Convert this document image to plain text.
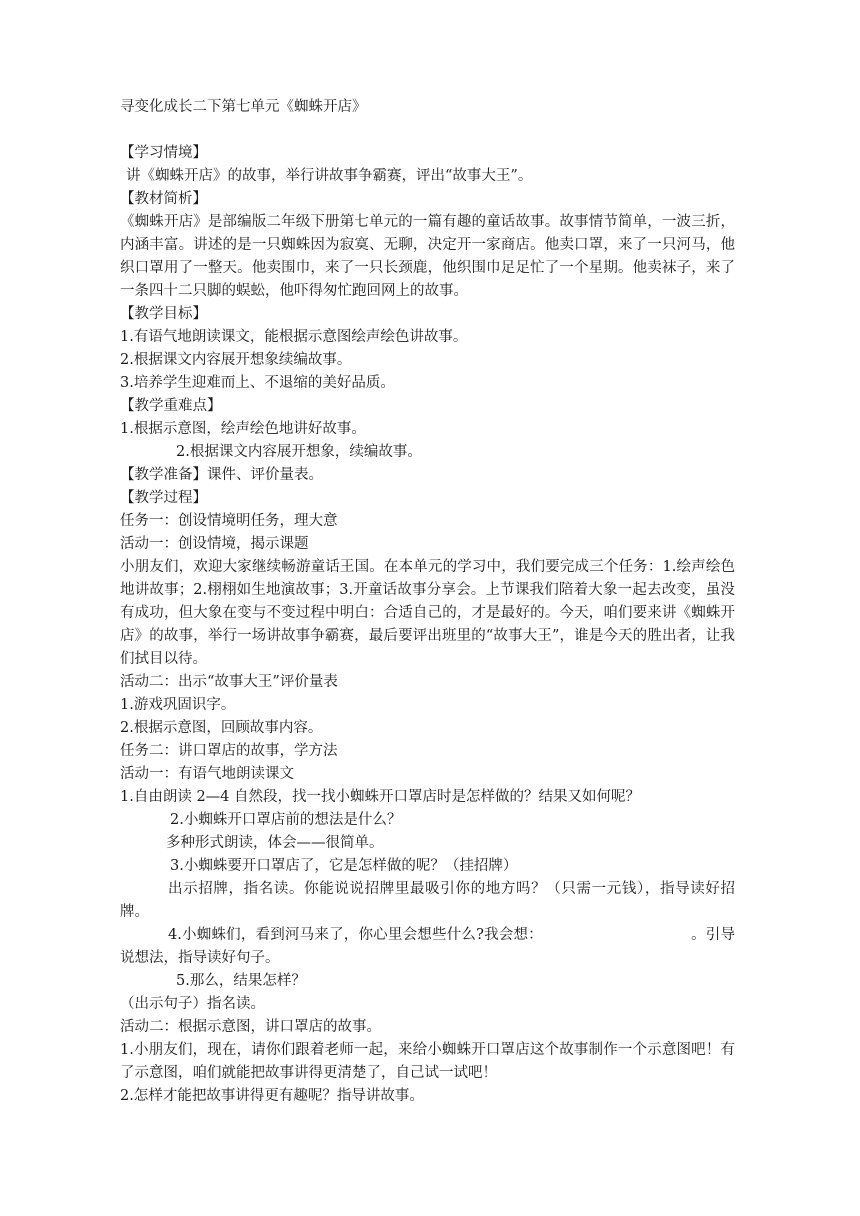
寻变化成长二下第七单元《蜘蛛开店》
【学习情境】
讲《蜘蛛开店》的故事，举行讲故事争霸赛，评出“故事大王”。
【教材简析】
《蜘蛛开店》是部编版二年级下册第七单元的一篇有趣的童话故事。故事情节简单，一波三折，内涵丰富。讲述的是一只蜘蛛因为寂寞、无聊，决定开一家商店。他卖口罩，来了一只河马，他织口罩用了一整天。他卖围巾，来了一只长颈鹿，他织围巾足足忙了一个星期。他卖袜子，来了一条四十二只脚的蜈蚣，他吓得匆忙跑回网上的故事。
【教学目标】
1.有语气地朗读课文，能根据示意图绘声绘色讲故事。
2.根据课文内容展开想象续编故事。
3.培养学生迎难而上、不退缩的美好品质。
【教学重难点】
1.根据示意图，绘声绘色地讲好故事。
2.根据课文内容展开想象，续编故事。
【教学准备】课件、评价量表。
【教学过程】
任务一：创设情境明任务，理大意
活动一：创设情境，揭示课题
小朋友们，欢迎大家继续畅游童话王国。在本单元的学习中，我们要完成三个任务：1.绘声绘色地讲故事；2.栩栩如生地演故事；3.开童话故事分享会。上节课我们陪着大象一起去改变，虽没有成功，但大象在变与不变过程中明白：合适自己的，才是最好的。今天，咱们要来讲《蜘蛛开店》的故事，举行一场讲故事争霸赛，最后要评出班里的“故事大王”，谁是今天的胜出者，让我们拭目以待。
活动二：出示“故事大王”评价量表
1.游戏巩固识字。
2.根据示意图，回顾故事内容。
任务二：讲口罩店的故事，学方法
活动一：有语气地朗读课文
1.自由朗读 2—4 自然段，找一找小蜘蛛开口罩店时是怎样做的？结果又如何呢？
2.小蜘蛛开口罩店前的想法是什么？
多种形式朗读，体会——很简单。
3.小蜘蛛要开口罩店了，它是怎样做的呢？（挂招牌）
出示招牌，指名读。你能说说招牌里最吸引你的地方吗？（只需一元钱），指导读好招牌。
4.小蜘蛛们，看到河马来了，你心里会想些什么?我会想：	。引导说想法，指导读好句子。
5.那么，结果怎样？
（出示句子）指名读。
活动二：根据示意图，讲口罩店的故事。
1.小朋友们，现在，请你们跟着老师一起，来给小蜘蛛开口罩店这个故事制作一个示意图吧！有了示意图，咱们就能把故事讲得更清楚了，自己试一试吧！
2.怎样才能把故事讲得更有趣呢？指导讲故事。
